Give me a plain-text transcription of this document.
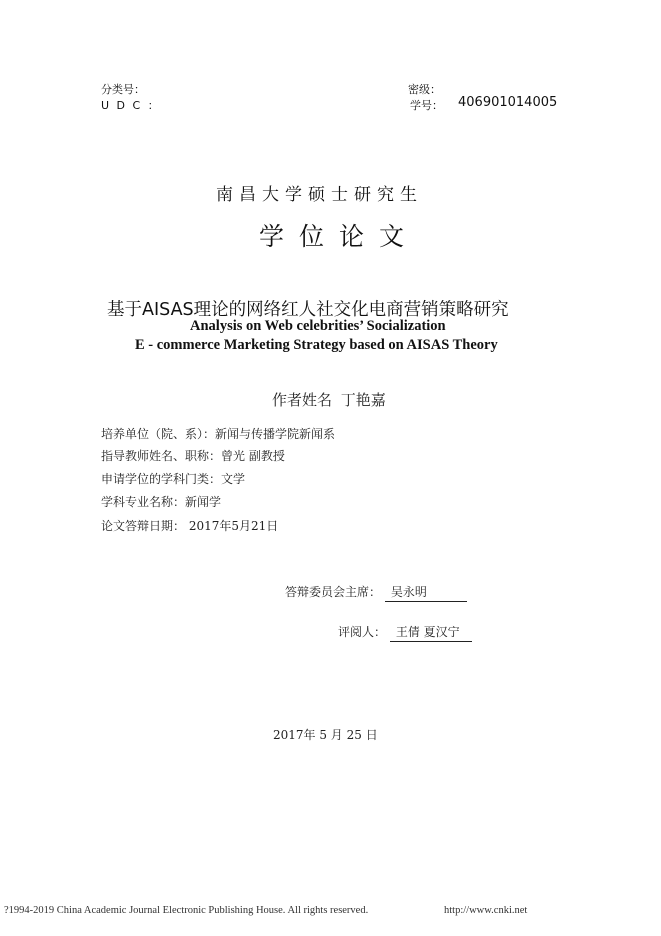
分类号：
U D C ：
密级：
学号： 406901014005
南昌大学硕士研究生
学位论文
基于AISAS理论的网络红人社交化电商营销策略研究
Analysis on Web celebrities’ Socialization
E - commerce Marketing Strategy based on AISAS Theory
作者姓名 丁艳嘉
培养单位（院、系）：新闻与传播学院新闻系
指导教师姓名、职称：曾光 副教授
申请学位的学科门类：文学
学科专业名称：新闻学
论文答辩日期： 2017年5月21日
答辩委员会主席： 吴永明
评阅人： 王倩 夏汉宁
2017年 5 月 25 日
?1994-2019 China Academic Journal Electronic Publishing House. All rights reserved.	http://www.cnki.net
